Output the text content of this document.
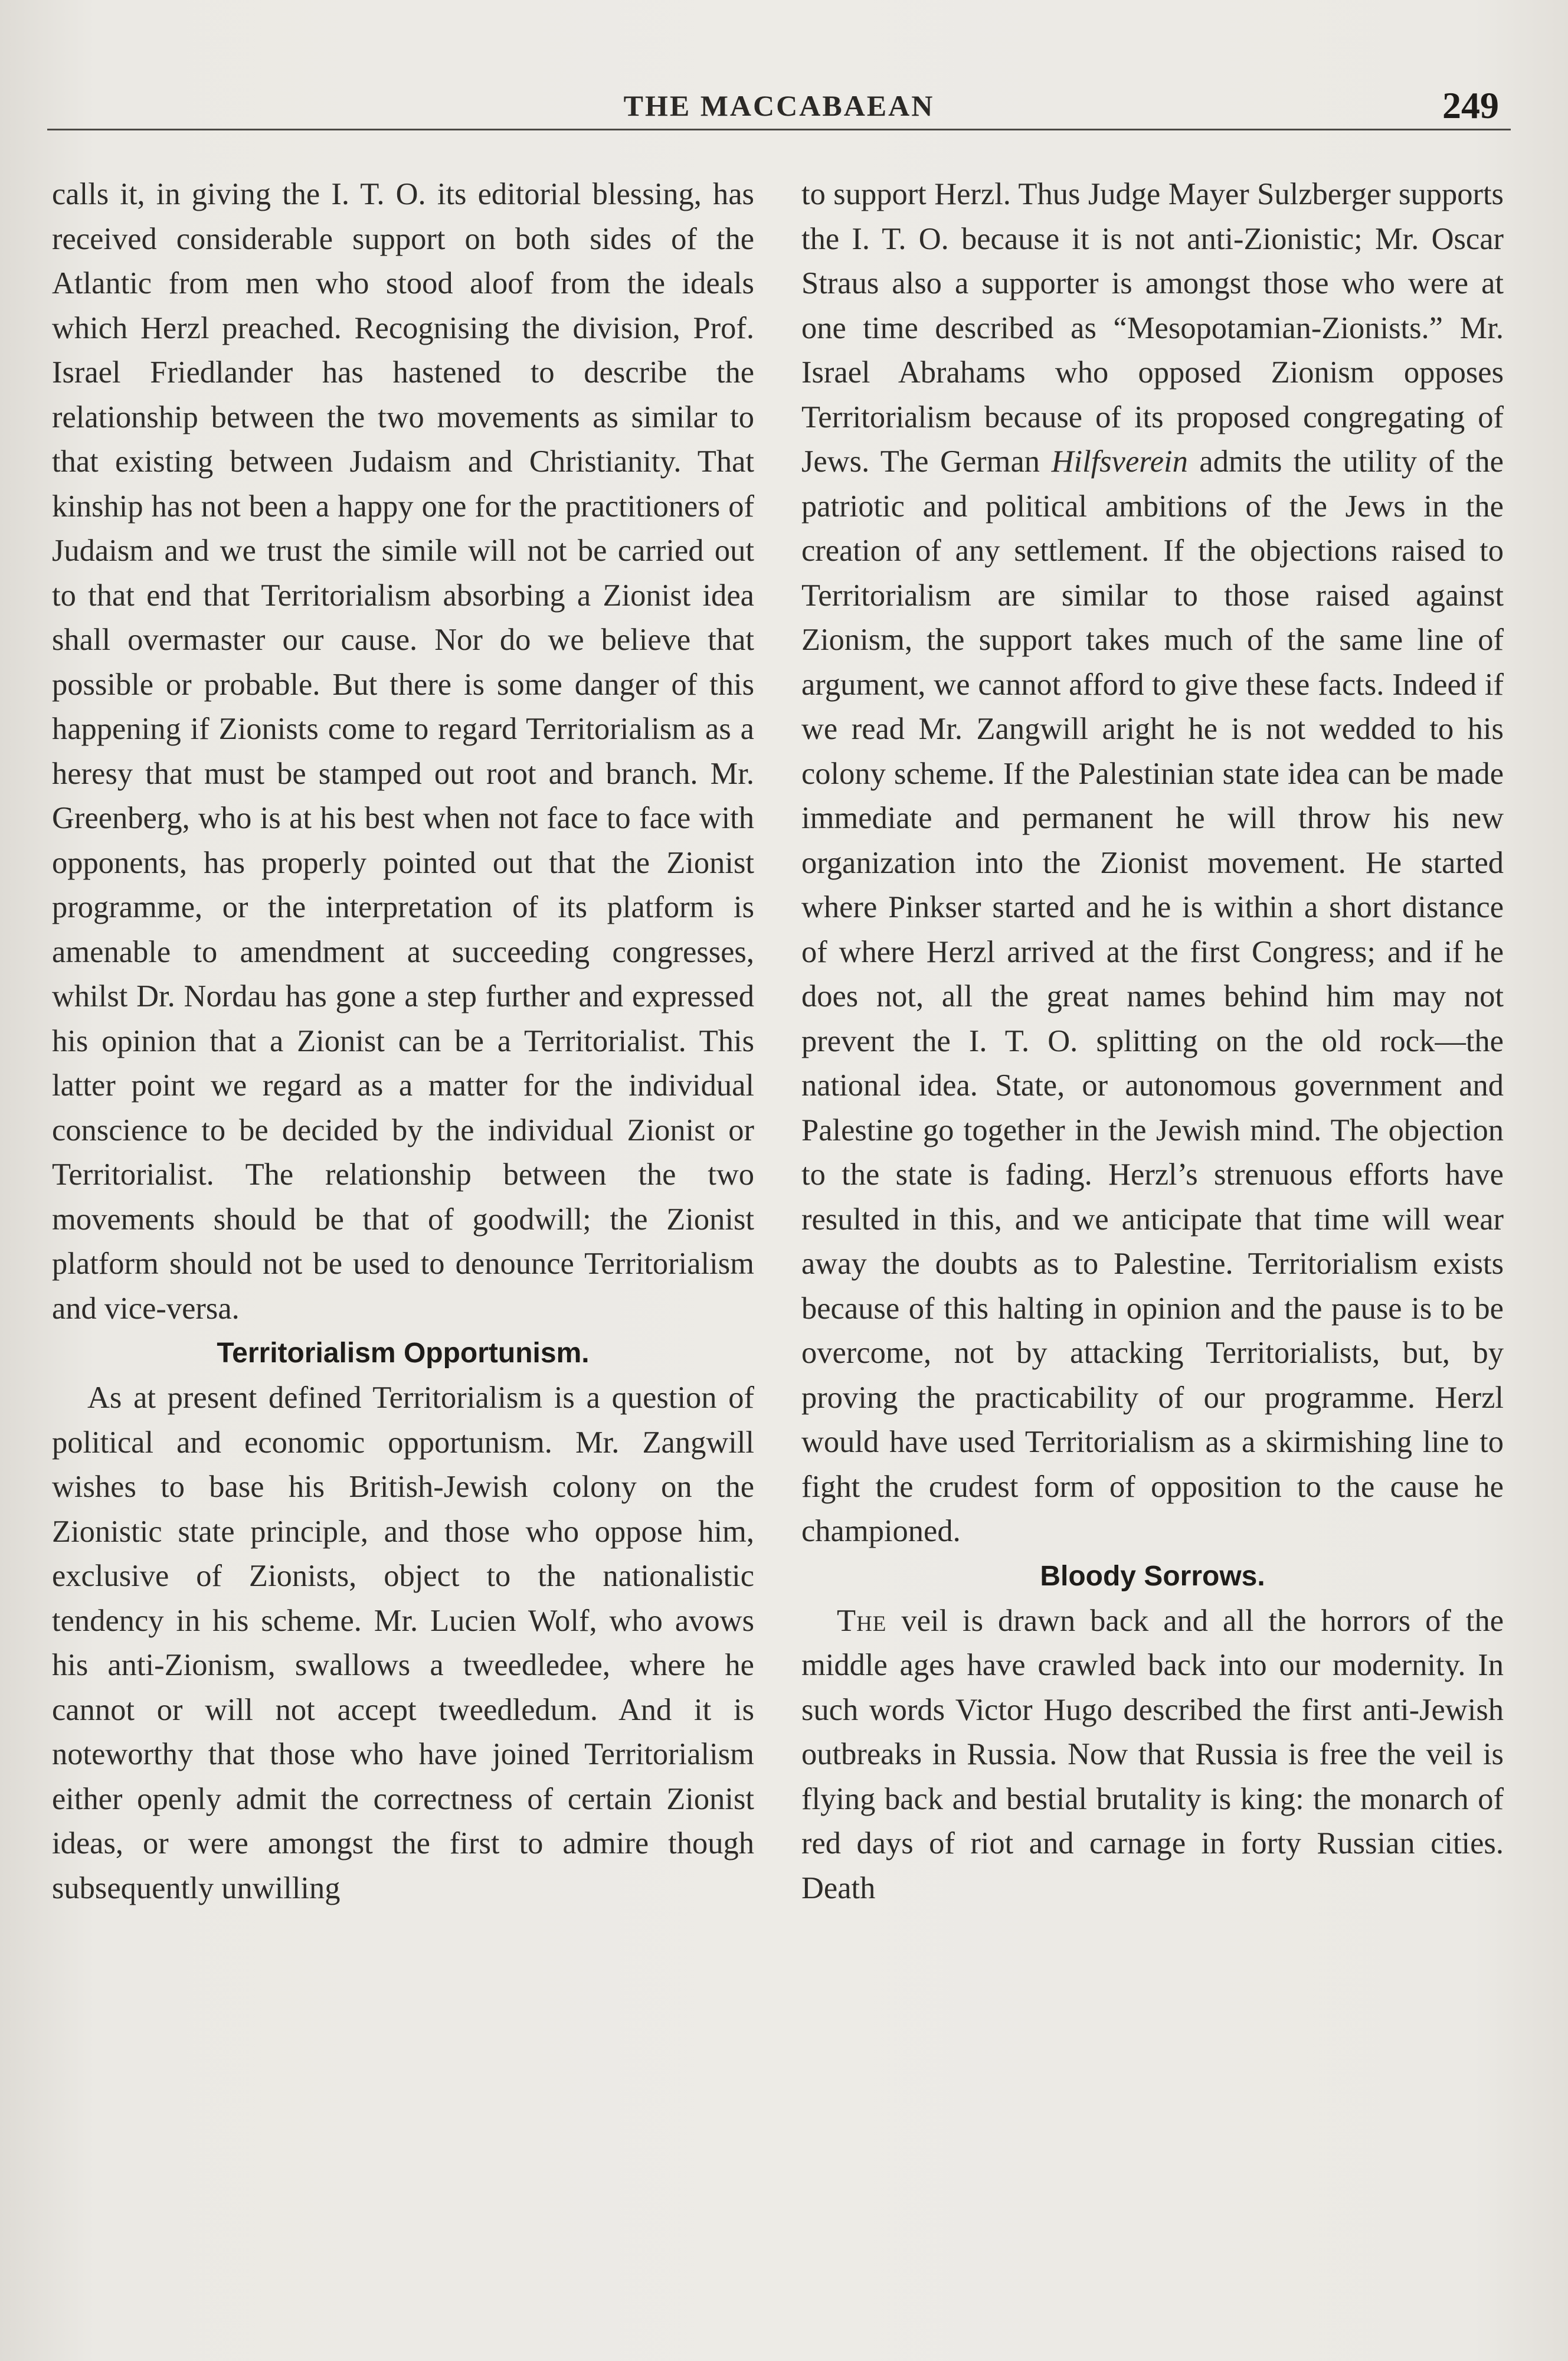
THE MACCABAEAN	249

calls it, in giving the I. T. O. its editorial blessing, has received considerable support on both sides of the Atlantic from men who stood aloof from the ideals which Herzl preached. Recognising the division, Prof. Israel Friedlander has hastened to describe the relationship between the two movements as similar to that existing between Judaism and Christianity. That kinship has not been a happy one for the practitioners of Judaism and we trust the simile will not be carried out to that end that Territorialism absorbing a Zionist idea shall overmaster our cause. Nor do we believe that possible or probable. But there is some danger of this happening if Zionists come to regard Territorialism as a heresy that must be stamped out root and branch. Mr. Greenberg, who is at his best when not face to face with opponents, has properly pointed out that the Zionist programme, or the interpretation of its platform is amenable to amendment at succeeding congresses, whilst Dr. Nordau has gone a step further and expressed his opinion that a Zionist can be a Territorialist. This latter point we regard as a matter for the individual conscience to be decided by the individual Zionist or Territorialist. The relationship between the two movements should be that of goodwill; the Zionist platform should not be used to denounce Territorialism and vice-versa.

Territorialism Opportunism.

As at present defined Territorialism is a question of political and economic opportunism. Mr. Zangwill wishes to base his British-Jewish colony on the Zionistic state principle, and those who oppose him, exclusive of Zionists, object to the nationalistic tendency in his scheme. Mr. Lucien Wolf, who avows his anti-Zionism, swallows a tweedledee, where he cannot or will not accept tweedledum. And it is noteworthy that those who have joined Territorialism either openly admit the correctness of certain Zionist ideas, or were amongst the first to admire though subsequently unwilling

to support Herzl. Thus Judge Mayer Sulzberger supports the I. T. O. because it is not anti-Zionistic; Mr. Oscar Straus also a supporter is amongst those who were at one time described as “Mesopotamian-Zionists.” Mr. Israel Abrahams who opposed Zionism opposes Territorialism because of its proposed congregating of Jews. The German Hilfsverein admits the utility of the patriotic and political ambitions of the Jews in the creation of any settlement. If the objections raised to Territorialism are similar to those raised against Zionism, the support takes much of the same line of argument, we cannot afford to give these facts. Indeed if we read Mr. Zangwill aright he is not wedded to his colony scheme. If the Palestinian state idea can be made immediate and permanent he will throw his new organization into the Zionist movement. He started where Pinkser started and he is within a short distance of where Herzl arrived at the first Congress; and if he does not, all the great names behind him may not prevent the I. T. O. splitting on the old rock—the national idea. State, or autonomous government and Palestine go together in the Jewish mind. The objection to the state is fading. Herzl’s strenuous efforts have resulted in this, and we anticipate that time will wear away the doubts as to Palestine. Territorialism exists because of this halting in opinion and the pause is to be overcome, not by attacking Territorialists, but, by proving the practicability of our programme. Herzl would have used Territorialism as a skirmishing line to fight the crudest form of opposition to the cause he championed.

Bloody Sorrows.

The veil is drawn back and all the horrors of the middle ages have crawled back into our modernity. In such words Victor Hugo described the first anti-Jewish outbreaks in Russia. Now that Russia is free the veil is flying back and bestial brutality is king: the monarch of red days of riot and carnage in forty Russian cities. Death
